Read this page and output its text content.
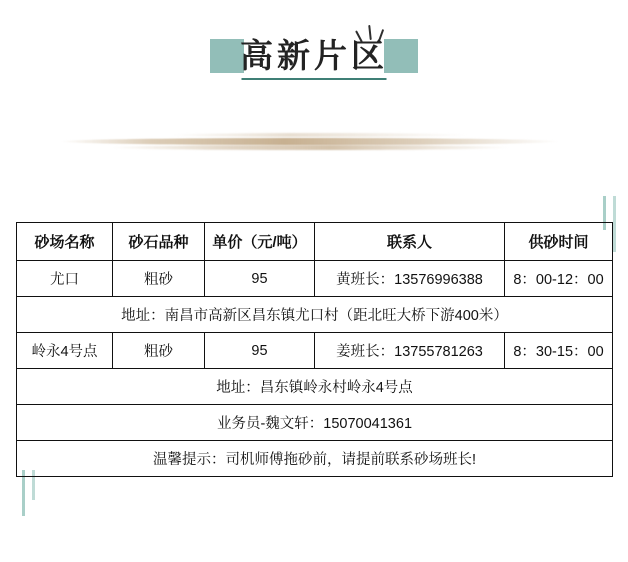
高新片区
砂场名称	砂石品种	单价（元/吨）	联系人	供砂时间
尤口	粗砂	95	黄班长：13576996388	8：00-12：00
地址：南昌市高新区昌东镇尤口村（距北旺大桥下游400米）				
岭永4号点	粗砂	95	姜班长：13755781263	8：30-15：00
地址：昌东镇岭永村岭永4号点				
业务员-魏文轩：15070041361				
温馨提示：司机师傅拖砂前，请提前联系砂场班长!				
